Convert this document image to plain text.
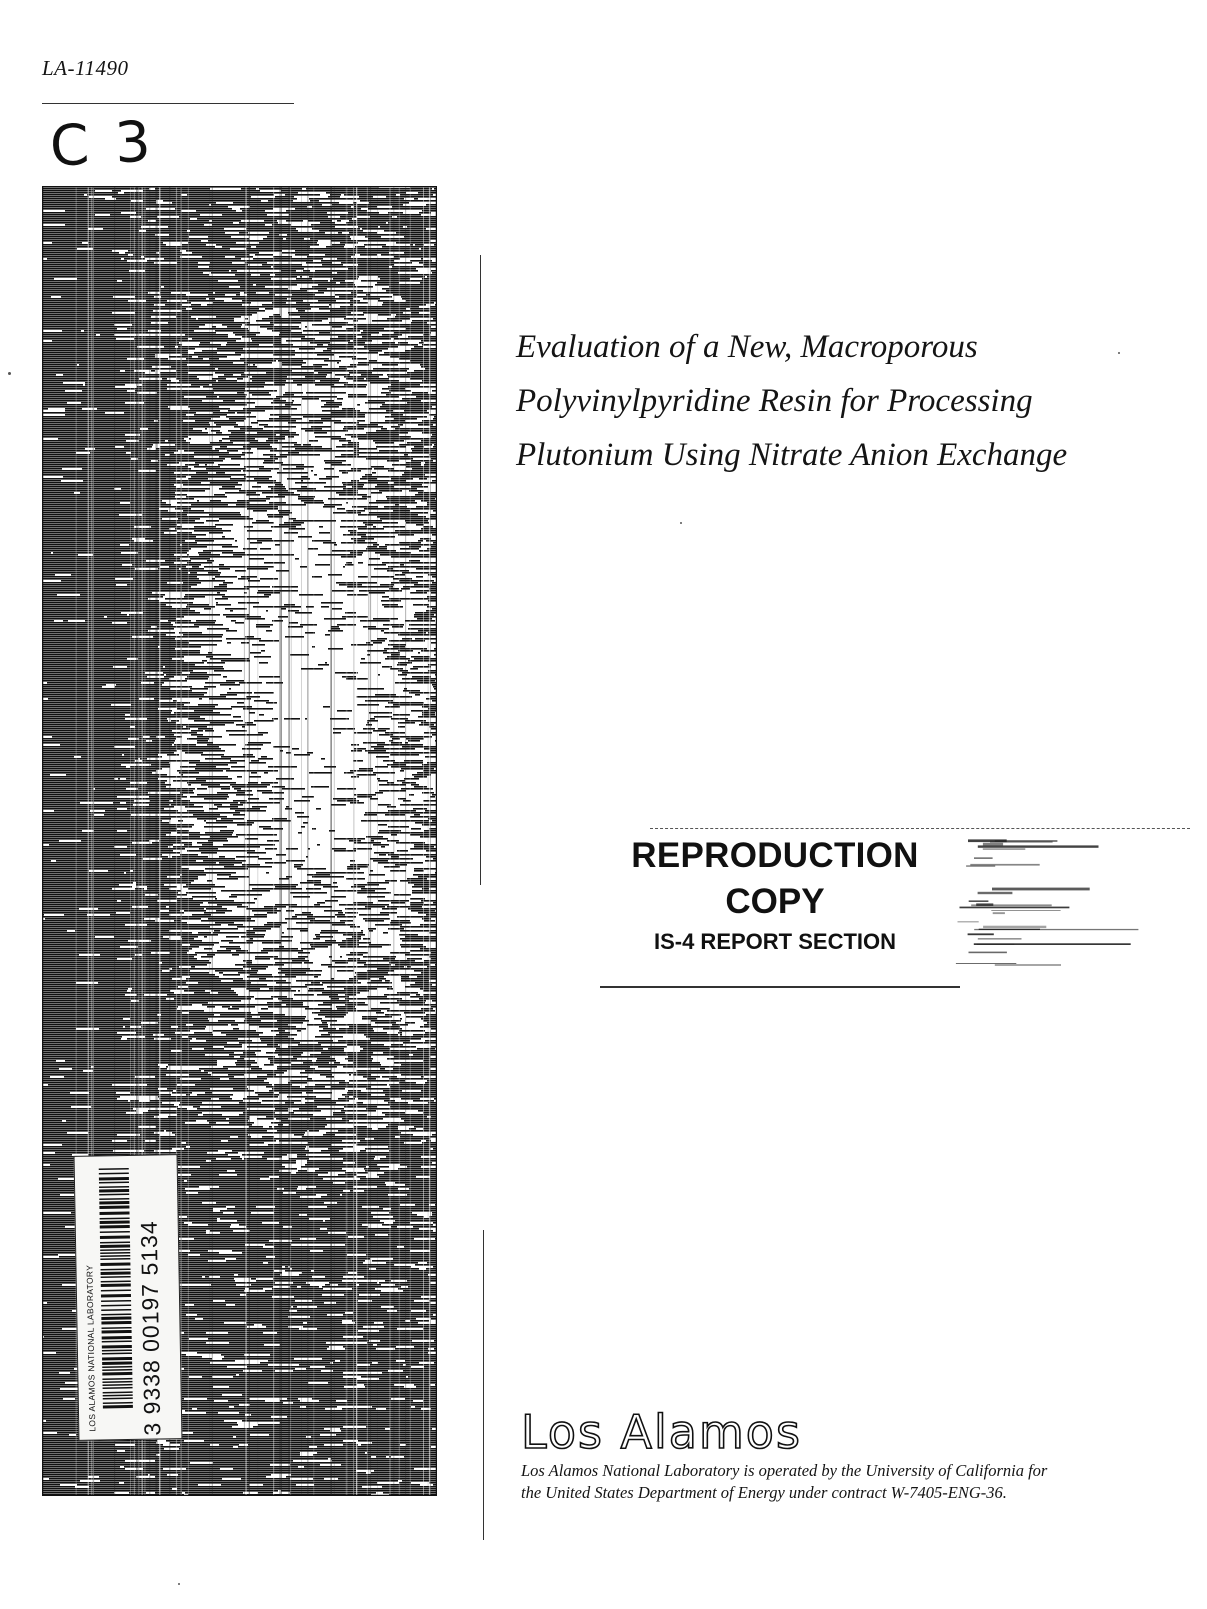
LA-11490
C 3
LOS ALAMOS NATIONAL LABORATORY 3 9338 00197 5134
Evaluation of a New, Macroporous
Polyvinylpyridine Resin for Processing
Plutonium Using Nitrate Anion Exchange
REPRODUCTION
COPY
IS-4 REPORT SECTION
Los Alamos

Los Alamos National Laboratory is operated by the University of California for
the United States Department of Energy under contract W-7405-ENG-36.
